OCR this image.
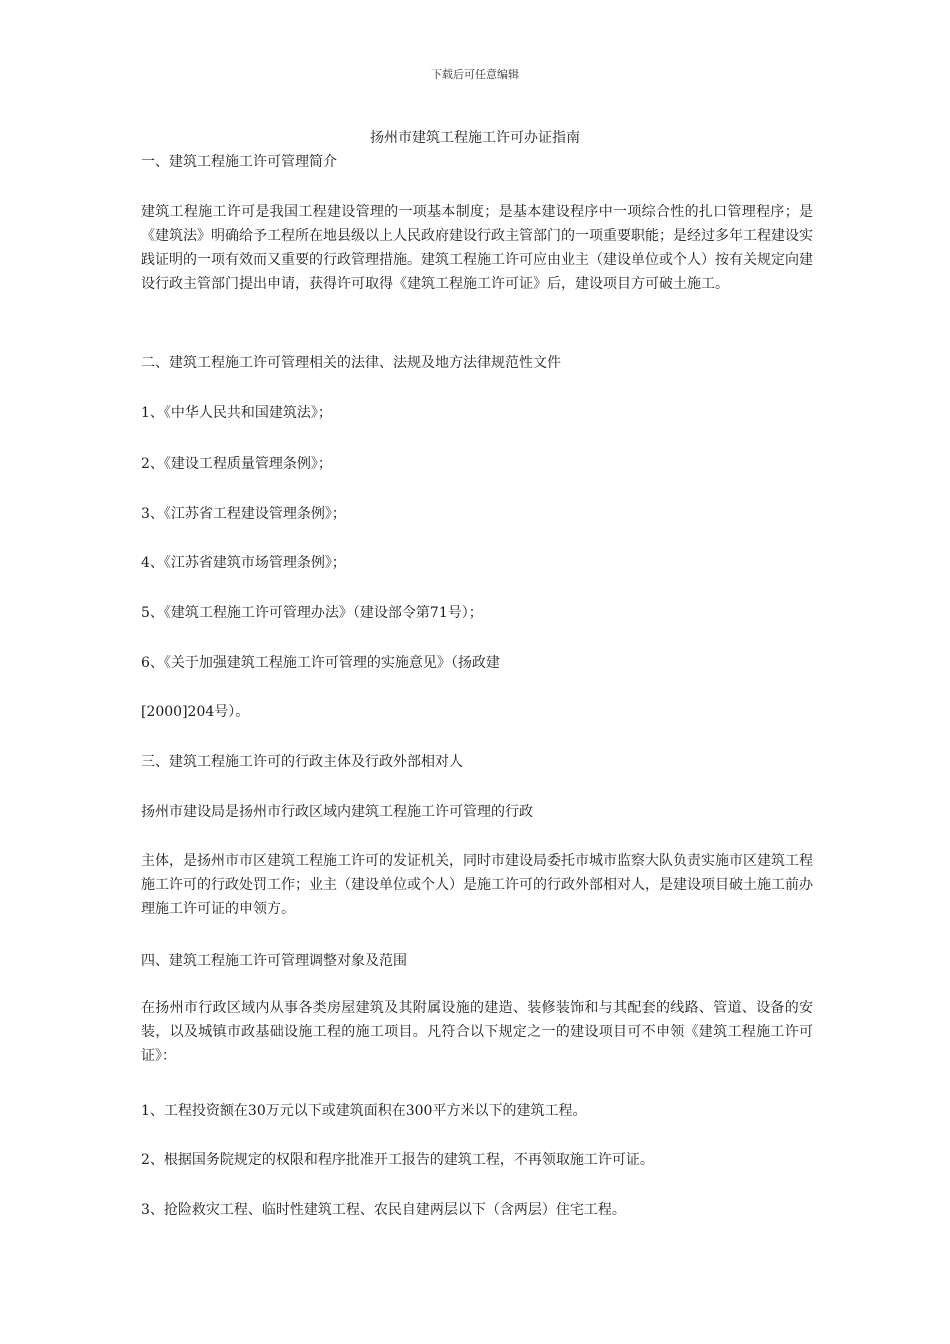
下载后可任意编辑
扬州市建筑工程施工许可办证指南
一、建筑工程施工许可管理简介
建筑工程施工许可是我国工程建设管理的一项基本制度；是基本建设程序中一项综合性的扎口管理程序；是《建筑法》明确给予工程所在地县级以上人民政府建设行政主管部门的一项重要职能；是经过多年工程建设实践证明的一项有效而又重要的行政管理措施。建筑工程施工许可应由业主（建设单位或个人）按有关规定向建设行政主管部门提出申请，获得许可取得《建筑工程施工许可证》后，建设项目方可破土施工。
二、建筑工程施工许可管理相关的法律、法规及地方法律规范性文件
1、《中华人民共和国建筑法》；
2、《建设工程质量管理条例》；
3、《江苏省工程建设管理条例》；
4、《江苏省建筑市场管理条例》；
5、《建筑工程施工许可管理办法》（建设部令第71号）；
6、《关于加强建筑工程施工许可管理的实施意见》（扬政建
[2000]204号）。
三、建筑工程施工许可的行政主体及行政外部相对人
扬州市建设局是扬州市行政区域内建筑工程施工许可管理的行政
主体，是扬州市市区建筑工程施工许可的发证机关，同时市建设局委托市城市监察大队负责实施市区建筑工程施工许可的行政处罚工作；业主（建设单位或个人）是施工许可的行政外部相对人，是建设项目破土施工前办理施工许可证的申领方。
四、建筑工程施工许可管理调整对象及范围
在扬州市行政区域内从事各类房屋建筑及其附属设施的建造、装修装饰和与其配套的线路、管道、设备的安装，以及城镇市政基础设施工程的施工项目。凡符合以下规定之一的建设项目可不申领《建筑工程施工许可证》：
1、工程投资额在30万元以下或建筑面积在300平方米以下的建筑工程。
2、根据国务院规定的权限和程序批准开工报告的建筑工程，不再领取施工许可证。
3、抢险救灾工程、临时性建筑工程、农民自建两层以下（含两层）住宅工程。
